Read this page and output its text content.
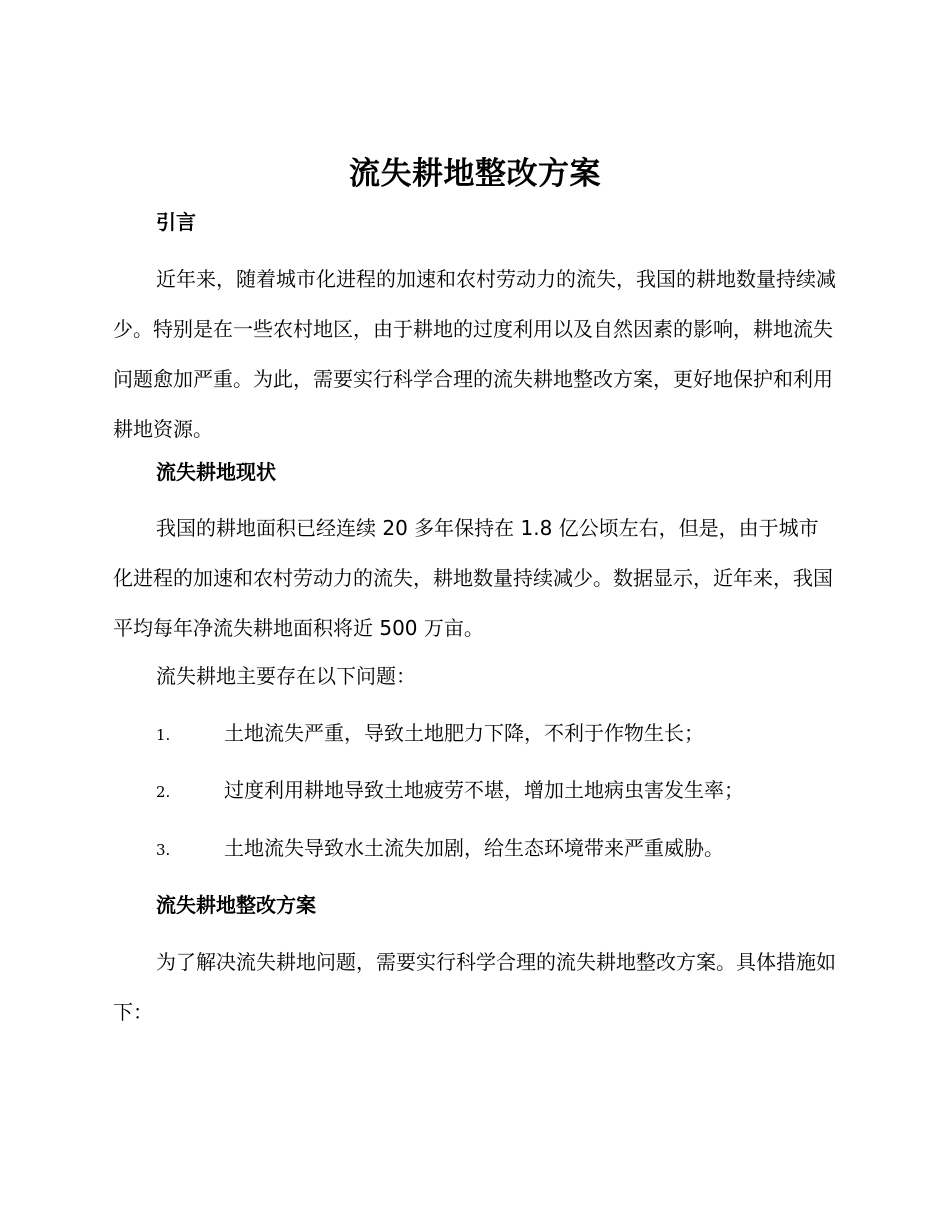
流失耕地整改方案
引言

近年来，随着城市化进程的加速和农村劳动力的流失，我国的耕地数量持续减少。特别是在一些农村地区，由于耕地的过度利用以及自然因素的影响，耕地流失问题愈加严重。为此，需要实行科学合理的流失耕地整改方案，更好地保护和利用耕地资源。

流失耕地现状

我国的耕地面积已经连续 20 多年保持在 1.8 亿公顷左右，但是，由于城市化进程的加速和农村劳动力的流失，耕地数量持续减少。数据显示，近年来，我国平均每年净流失耕地面积将近 500 万亩。

流失耕地主要存在以下问题：
1.	土地流失严重，导致土地肥力下降，不利于作物生长；
2.	过度利用耕地导致土地疲劳不堪，增加土地病虫害发生率；
3.	土地流失导致水土流失加剧，给生态环境带来严重威胁。
流失耕地整改方案

为了解决流失耕地问题，需要实行科学合理的流失耕地整改方案。具体措施如下：
